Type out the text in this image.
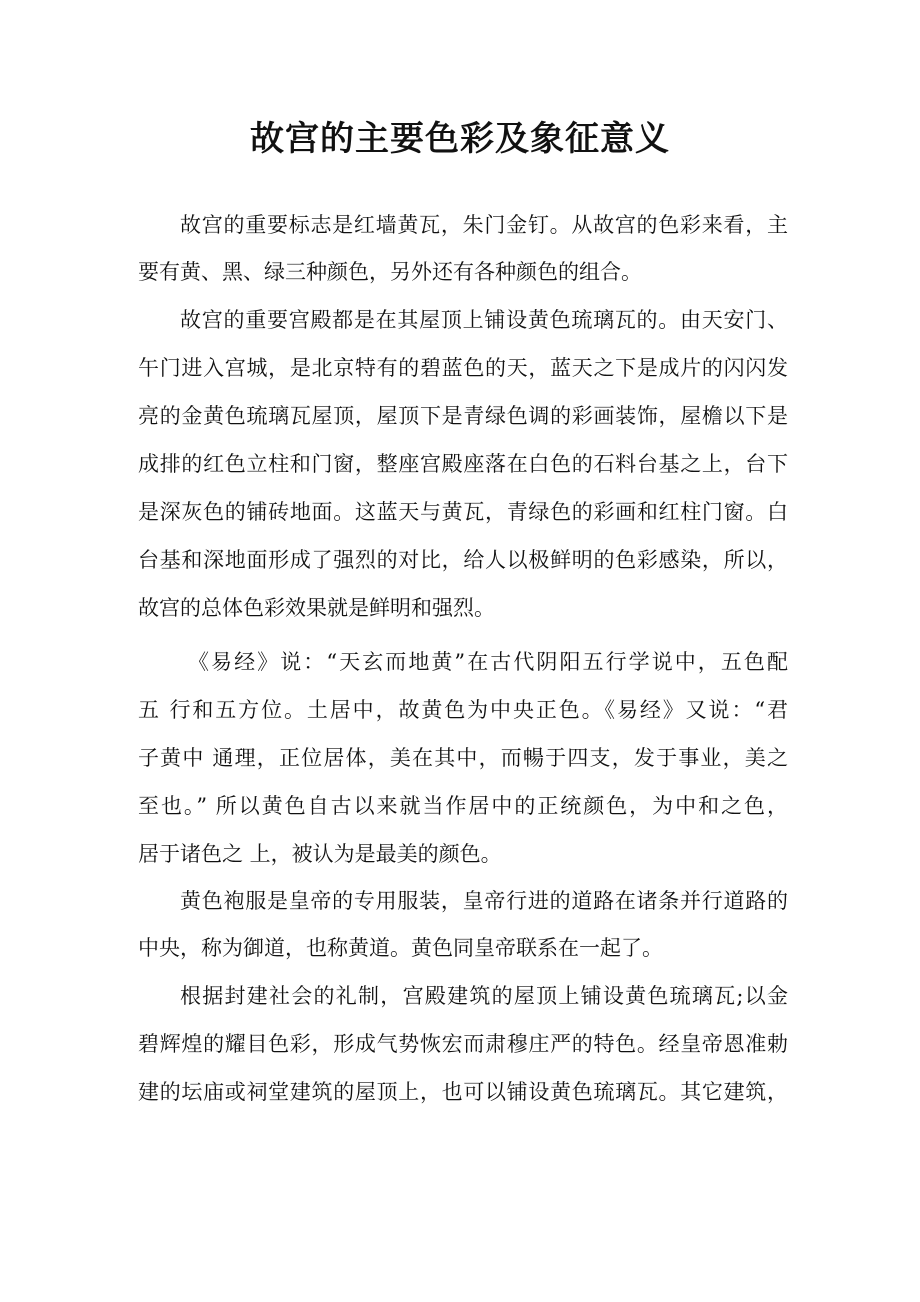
故宫的主要色彩及象征意义
故宫的重要标志是红墙黄瓦，朱门金钉。从故宫的色彩来看，主
要有黄、黑、绿三种颜色，另外还有各种颜色的组合。
故宫的重要宫殿都是在其屋顶上铺设黄色琉璃瓦的。由天安门、
午门进入宫城，是北京特有的碧蓝色的天，蓝天之下是成片的闪闪发
亮的金黄色琉璃瓦屋顶，屋顶下是青绿色调的彩画装饰，屋檐以下是
成排的红色立柱和门窗，整座宫殿座落在白色的石料台基之上，台下
是深灰色的铺砖地面。这蓝天与黄瓦，青绿色的彩画和红柱门窗。白
台基和深地面形成了强烈的对比，给人以极鲜明的色彩感染，所以，
故宫的总体色彩效果就是鲜明和强烈。
《易经》说：“天玄而地黄”在古代阴阳五行学说中，五色配
五 行和五方位。土居中，故黄色为中央正色。《易经》又说：“君
子黄中 通理，正位居体，美在其中，而暢于四支，发于事业，美之
至也。” 所以黄色自古以来就当作居中的正统颜色，为中和之色，
居于诸色之 上，被认为是最美的颜色。
黄色袍服是皇帝的专用服装，皇帝行进的道路在诸条并行道路的
中央，称为御道，也称黄道。黄色同皇帝联系在一起了。
根据封建社会的礼制，宫殿建筑的屋顶上铺设黄色琉璃瓦;以金
碧辉煌的耀目色彩，形成气势恢宏而肃穆庄严的特色。经皇帝恩准勅
建的坛庙或祠堂建筑的屋顶上，也可以铺设黄色琉璃瓦。其它建筑，
